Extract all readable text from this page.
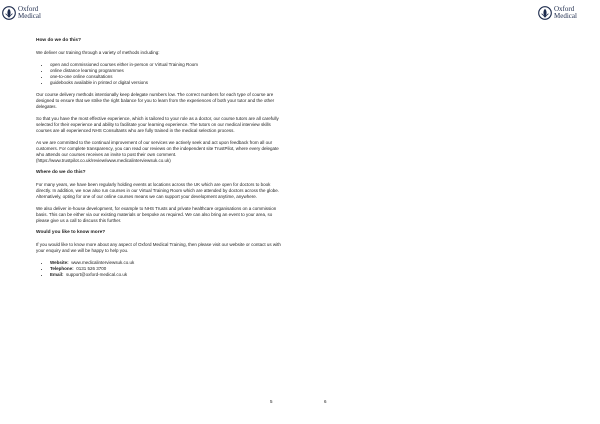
Oxford
Medical
How do we do this?

We deliver our training through a variety of methods including:

• open and commissioned courses either in-person or Virtual Training Room
• online distance learning programmes
• one-to-one online consultations
• guidebooks available in printed or digital versions

Our course delivery methods intentionally keep delegate numbers low. The correct numbers for each type of course are designed to ensure that we strike the right balance for you to learn from the experiences of both your tutor and the other delegates.

So that you have the most effective experience, which is tailored to your role as a doctor, our course tutors are all carefully selected for their experience and ability to facilitate your learning experience. The tutors on our medical interview skills courses are all experienced NHS Consultants who are fully trained in the medical selection process.

As we are committed to the continual improvement of our services we actively seek and act upon feedback from all our customers. For complete transparency, you can read our reviews on the independent site TrustPilot, where every delegate who attends our courses receives an invite to post their own comment. (https://www.trustpilot.co.uk/review/www.medicalinterviewsuk.co.uk)

Where do we do this?

For many years, we have been regularly holding events at locations across the UK which are open for doctors to book directly. In addition, we now also run courses in our Virtual Training Room which are attended by doctors across the globe. Alternatively, opting for one of our online courses means we can support your development anytime, anywhere.

We also deliver in-house development, for example to NHS Trusts and private healthcare organisations on a commission basis. This can be either via our existing materials or bespoke as required. We can also bring an event to your area, so please give us a call to discuss this further.

Would you like to know more?

If you would like to know more about any aspect of Oxford Medical Training, then please visit our website or contact us with your enquiry and we will be happy to help you.

• Website: www.medicalinterviewsuk.co.uk
• Telephone: 0131 526 3700
• Email: support@oxford-medical.co.uk
5
Oxford
Medical
6
